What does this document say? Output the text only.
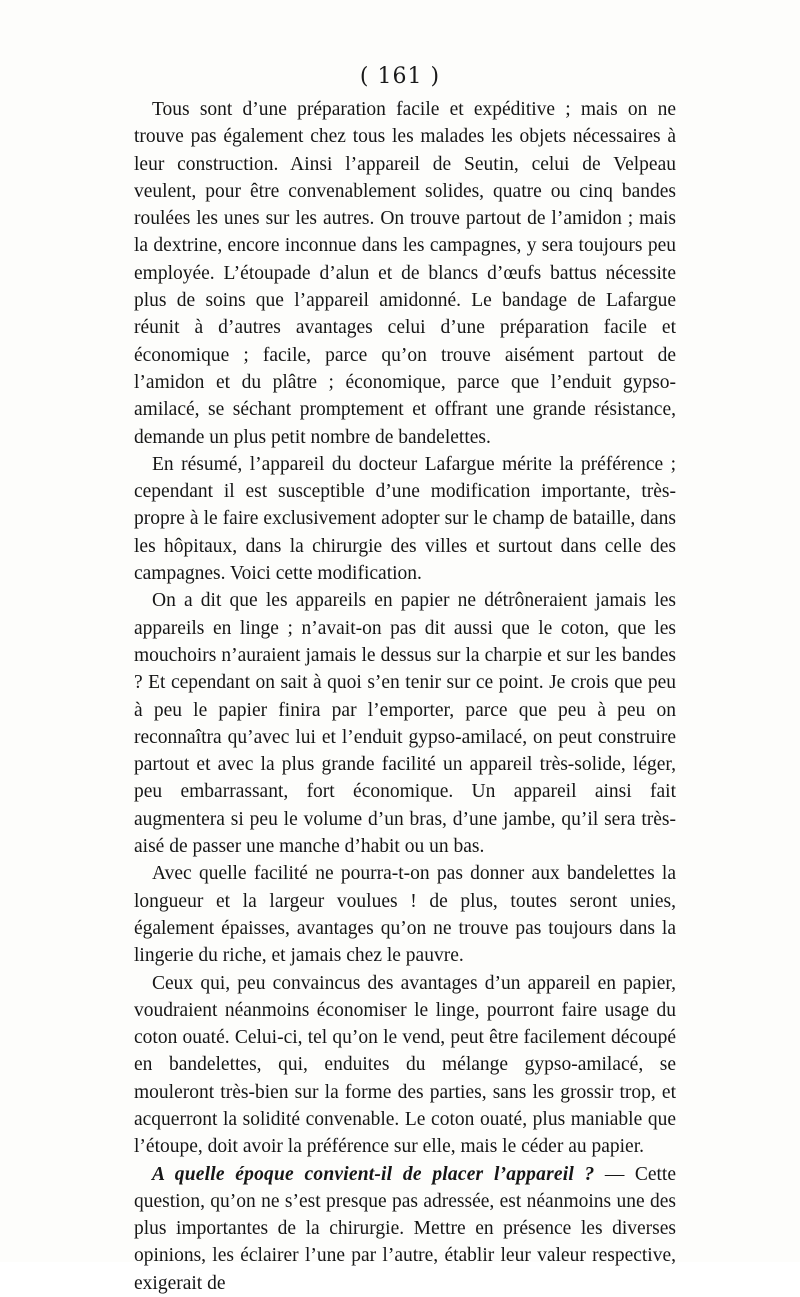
( 161 )

Tous sont d’une préparation facile et expéditive ; mais on ne trouve pas également chez tous les malades les objets nécessaires à leur construction. Ainsi l’appareil de Seutin, celui de Velpeau veulent, pour être convenablement solides, quatre ou cinq bandes roulées les unes sur les autres. On trouve partout de l’amidon ; mais la dextrine, encore inconnue dans les campagnes, y sera toujours peu employée. L’étoupade d’alun et de blancs d’œufs battus nécessite plus de soins que l’appareil amidonné. Le bandage de Lafargue réunit à d’autres avantages celui d’une préparation facile et économique ; facile, parce qu’on trouve aisément partout de l’amidon et du plâtre ; économique, parce que l’enduit gypso-amilacé, se séchant promptement et offrant une grande résistance, demande un plus petit nombre de bandelettes.

En résumé, l’appareil du docteur Lafargue mérite la préférence ; cependant il est susceptible d’une modification importante, très-propre à le faire exclusivement adopter sur le champ de bataille, dans les hôpitaux, dans la chirurgie des villes et surtout dans celle des campagnes. Voici cette modification.

On a dit que les appareils en papier ne détrôneraient jamais les appareils en linge ; n’avait-on pas dit aussi que le coton, que les mouchoirs n’auraient jamais le dessus sur la charpie et sur les bandes ? Et cependant on sait à quoi s’en tenir sur ce point. Je crois que peu à peu le papier finira par l’emporter, parce que peu à peu on reconnaîtra qu’avec lui et l’enduit gypso-amilacé, on peut construire partout et avec la plus grande facilité un appareil très-solide, léger, peu embarrassant, fort économique. Un appareil ainsi fait augmentera si peu le volume d’un bras, d’une jambe, qu’il sera très-aisé de passer une manche d’habit ou un bas.

Avec quelle facilité ne pourra-t-on pas donner aux bandelettes la longueur et la largeur voulues ! de plus, toutes seront unies, également épaisses, avantages qu’on ne trouve pas toujours dans la lingerie du riche, et jamais chez le pauvre.

Ceux qui, peu convaincus des avantages d’un appareil en papier, voudraient néanmoins économiser le linge, pourront faire usage du coton ouaté. Celui-ci, tel qu’on le vend, peut être facilement découpé en bandelettes, qui, enduites du mélange gypso-amilacé, se mouleront très-bien sur la forme des parties, sans les grossir trop, et acquerront la solidité convenable. Le coton ouaté, plus maniable que l’étoupe, doit avoir la préférence sur elle, mais le céder au papier.

A quelle époque convient-il de placer l’appareil ? — Cette question, qu’on ne s’est presque pas adressée, est néanmoins une des plus importantes de la chirurgie. Mettre en présence les diverses opinions, les éclairer l’une par l’autre, établir leur valeur respective, exigerait de
